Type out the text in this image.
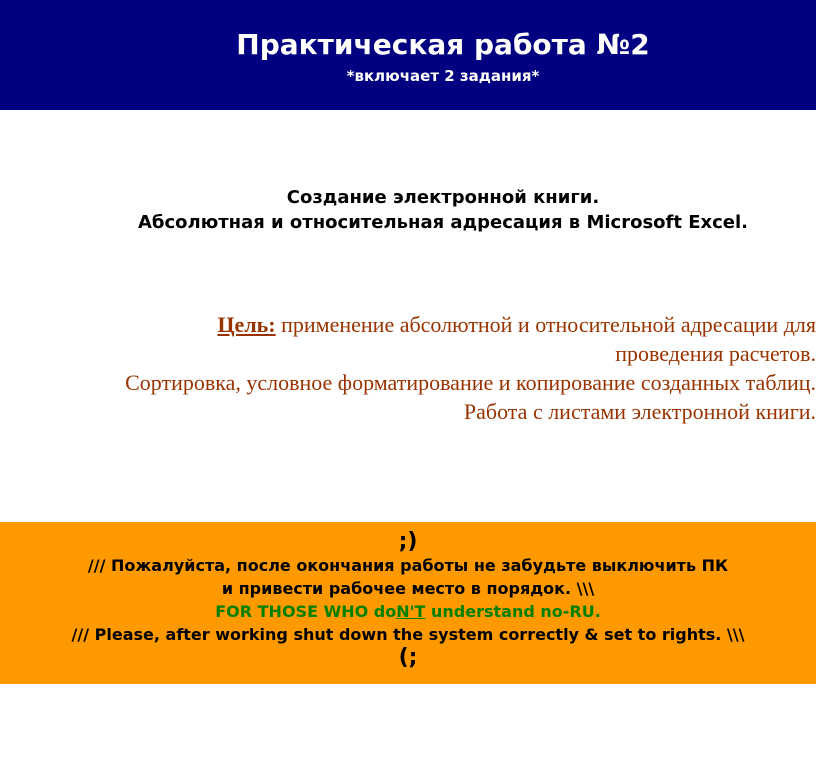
Практическая работа №2
*включает 2 задания*
Создание электронной книги.
Абсолютная и относительная адресация в Microsoft Excel.
Цель: применение абсолютной и относительной адресации для
проведения расчетов.
Сортировка, условное форматирование и копирование созданных таблиц.
Работа с листами электронной книги.
;)
/// Пожалуйста, после окончания работы не забудьте выключить ПК
и привести рабочее место в порядок. \\\
FOR THOSE WHO doN'T understand no-RU.
/// Please, after working shut down the system correctly & set to rights. \\\
(;
